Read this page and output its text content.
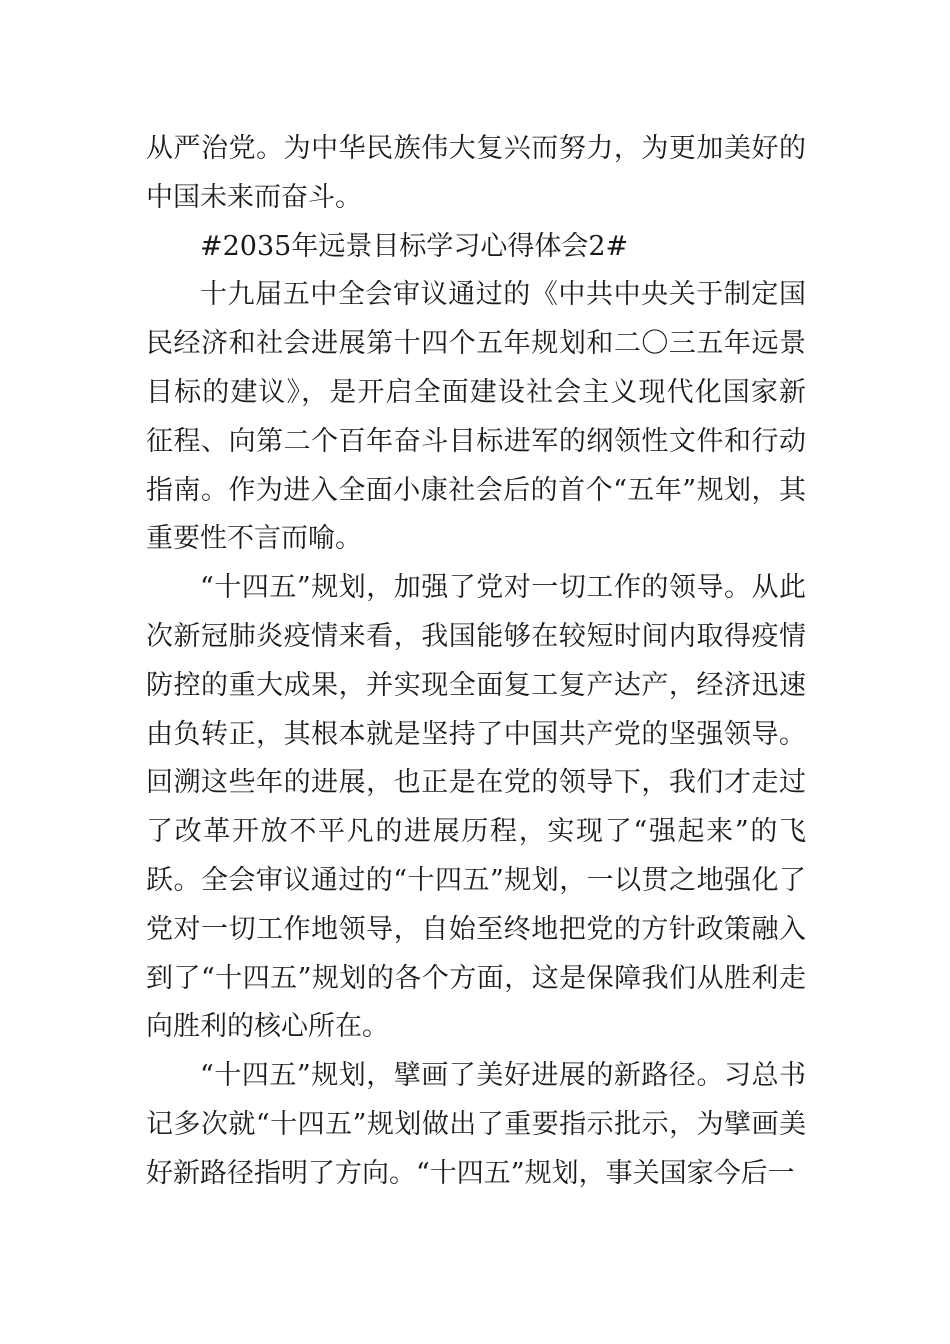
从严治党。为中华民族伟大复兴而努力，为更加美好的中国未来而奋斗。

#2035年远景目标学习心得体会2#

十九届五中全会审议通过的《中共中央关于制定国民经济和社会进展第十四个五年规划和二〇三五年远景目标的建议》，是开启全面建设社会主义现代化国家新征程、向第二个百年奋斗目标进军的纲领性文件和行动指南。作为进入全面小康社会后的首个“五年”规划，其重要性不言而喻。

“十四五”规划，加强了党对一切工作的领导。从此次新冠肺炎疫情来看，我国能够在较短时间内取得疫情防控的重大成果，并实现全面复工复产达产，经济迅速由负转正，其根本就是坚持了中国共产党的坚强领导。回溯这些年的进展，也正是在党的领导下，我们才走过了改革开放不平凡的进展历程，实现了“强起来”的飞跃。全会审议通过的“十四五”规划，一以贯之地强化了党对一切工作地领导，自始至终地把党的方针政策融入到了“十四五”规划的各个方面，这是保障我们从胜利走向胜利的核心所在。

“十四五”规划，擘画了美好进展的新路径。习总书记多次就“十四五”规划做出了重要指示批示，为擘画美好新路径指明了方向。“十四五”规划，事关国家今后一
